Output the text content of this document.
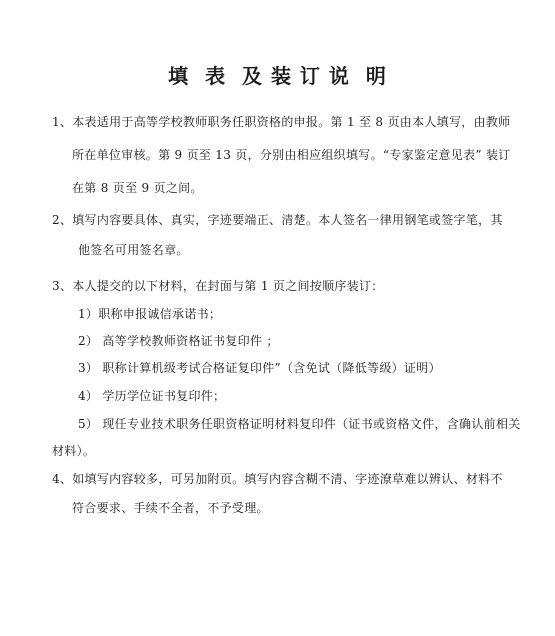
填  表  及 装 订 说  明
1、本表适用于高等学校教师职务任职资格的申报。第 1 至 8 页由本人填写，由教师
所在单位审核。第 9 页至 13 页，分别由相应组织填写。“专家鉴定意见表” 装订
在第 8 页至 9 页之间。
2、填写内容要具体、真实，字迹要端正、清楚。本人签名一律用钢笔或签字笔，其
他签名可用签名章。
3、本人提交的以下材料，在封面与第 1 页之间按顺序装订：
1）职称申报诚信承诺书；
2） 高等学校教师资格证书复印件 ；
3） 职称计算机级考试合格证复印件”（含免试（降低等级）证明）
4） 学历学位证书复印件；
5） 现任专业技术职务任职资格证明材料复印件（证书或资格文件，含确认前相关
材料）。
4、如填写内容较多，可另加附页。填写内容含糊不清、字迹潦草难以辨认、材料不
符合要求、手续不全者，不予受理。
